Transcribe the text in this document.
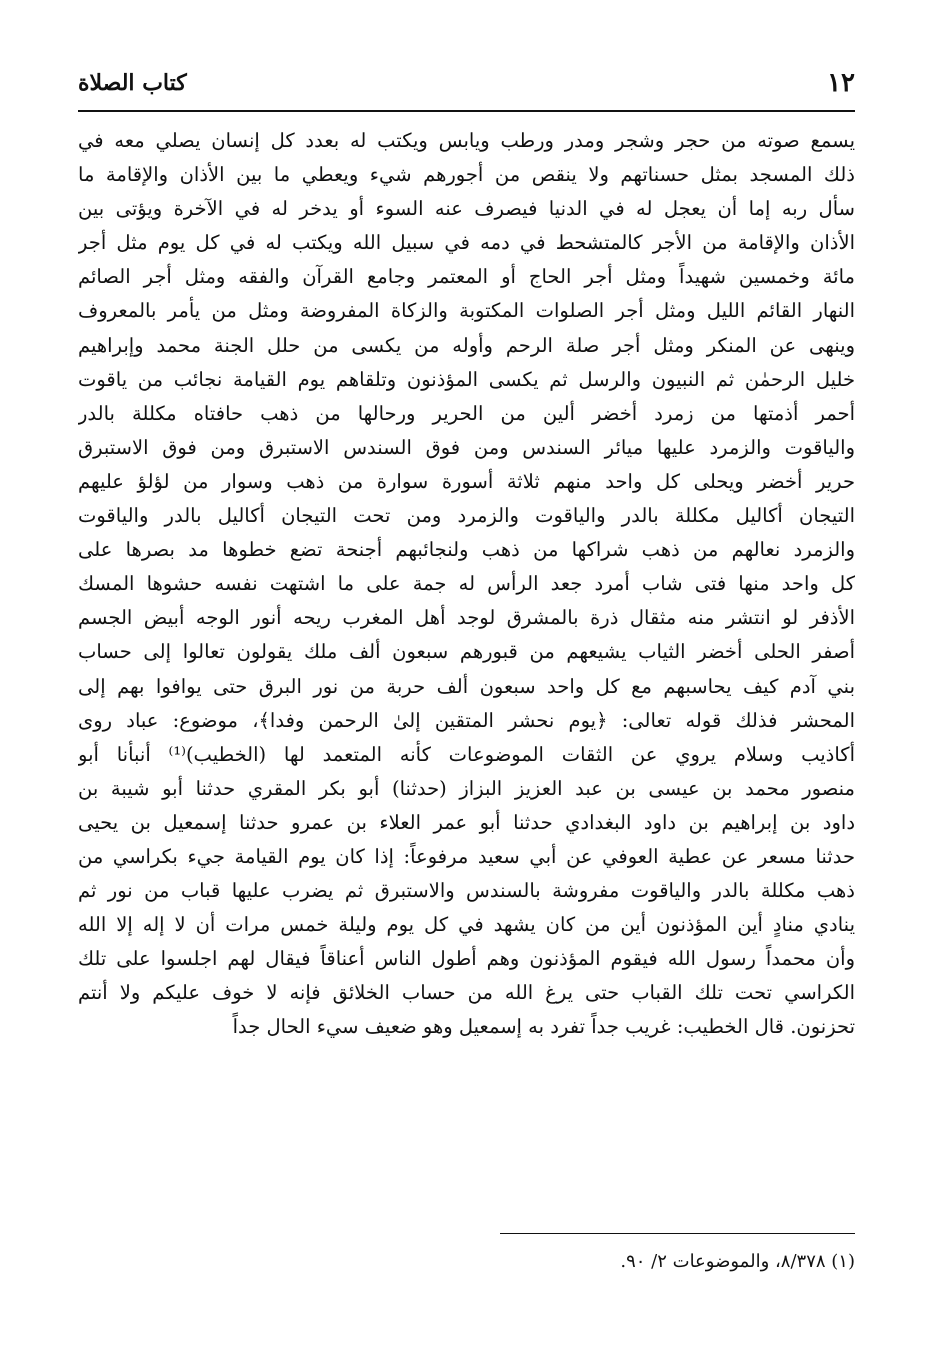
١٢
كتاب الصلاة
يسمع صوته من حجر وشجر ومدر ورطب ويابس ويكتب له بعدد كل إنسان يصلي معه في
ذلك المسجد بمثل حسناتهم ولا ينقص من أجورهم شيء ويعطي ما بين الأذان والإقامة ما
سأل ربه إما أن يعجل له في الدنيا فيصرف عنه السوء أو يدخر له في الآخرة ويؤتى بين
الأذان والإقامة من الأجر كالمتشحط في دمه في سبيل الله ويكتب له في كل يوم مثل أجر
مائة وخمسين شهيداً ومثل أجر الحاج أو المعتمر وجامع القرآن والفقه ومثل أجر الصائم
النهار القائم الليل ومثل أجر الصلوات المكتوبة والزكاة المفروضة ومثل من يأمر بالمعروف
وينهى عن المنكر ومثل أجر صلة الرحم وأوله من يكسى من حلل الجنة محمد وإبراهيم
خليل الرحمٰن ثم النبيون والرسل ثم يكسى المؤذنون وتلقاهم يوم القيامة نجائب من ياقوت
أحمر أذمتها من زمرد أخضر ألين من الحرير ورحالها من ذهب حافتاه مكللة بالدر
والياقوت والزمرد عليها ميائر السندس ومن فوق السندس الاستبرق ومن فوق الاستبرق
حرير أخضر ويحلى كل واحد منهم ثلاثة أسورة سوارة من ذهب وسوار من لؤلؤ عليهم
التيجان أكاليل مكللة بالدر والياقوت والزمرد ومن تحت التيجان أكاليل بالدر والياقوت
والزمرد نعالهم من ذهب شراكها من ذهب ولنجائبهم أجنحة تضع خطوها مد بصرها على
كل واحد منها فتى شاب أمرد جعد الرأس له جمة على ما اشتهت نفسه حشوها المسك
الأذفر لو انتشر منه مثقال ذرة بالمشرق لوجد أهل المغرب ريحه أنور الوجه أبيض الجسم
أصفر الحلى أخضر الثياب يشيعهم من قبورهم سبعون ألف ملك يقولون تعالوا إلى حساب
بني آدم كيف يحاسبهم مع كل واحد سبعون ألف حربة من نور البرق حتى يوافوا بهم إلى
المحشر فذلك قوله تعالى: ﴿يوم نحشر المتقين إلىٰ الرحمن وفدا﴾، موضوع: عباد روى
أكاذيب وسلام يروي عن الثقات الموضوعات كأنه المتعمد لها (الخطيب)⁽¹⁾ أنبأنا أبو
منصور محمد بن عيسى بن عبد العزيز البزاز (حدثنا) أبو بكر المقري حدثنا أبو شيبة بن
داود بن إبراهيم بن داود البغدادي حدثنا أبو عمر العلاء بن عمرو حدثنا إسمعيل بن يحيى
حدثنا مسعر عن عطية العوفي عن أبي سعيد مرفوعاً: إذا كان يوم القيامة جيء بكراسي من
ذهب مكللة بالدر والياقوت مفروشة بالسندس والاستبرق ثم يضرب عليها قباب من نور ثم
ينادي منادٍ أين المؤذنون أين من كان يشهد في كل يوم وليلة خمس مرات أن لا إله إلا الله
وأن محمداً رسول الله فيقوم المؤذنون وهم أطول الناس أعناقاً فيقال لهم اجلسوا على تلك
الكراسي تحت تلك القباب حتى يرغ الله من حساب الخلائق فإنه لا خوف عليكم ولا أنتم
تحزنون. قال الخطيب: غريب جداً تفرد به إسمعيل وهو ضعيف سيء الحال جداً
(١) ٨/٣٧٨، والموضوعات ٢/ ٩٠.
